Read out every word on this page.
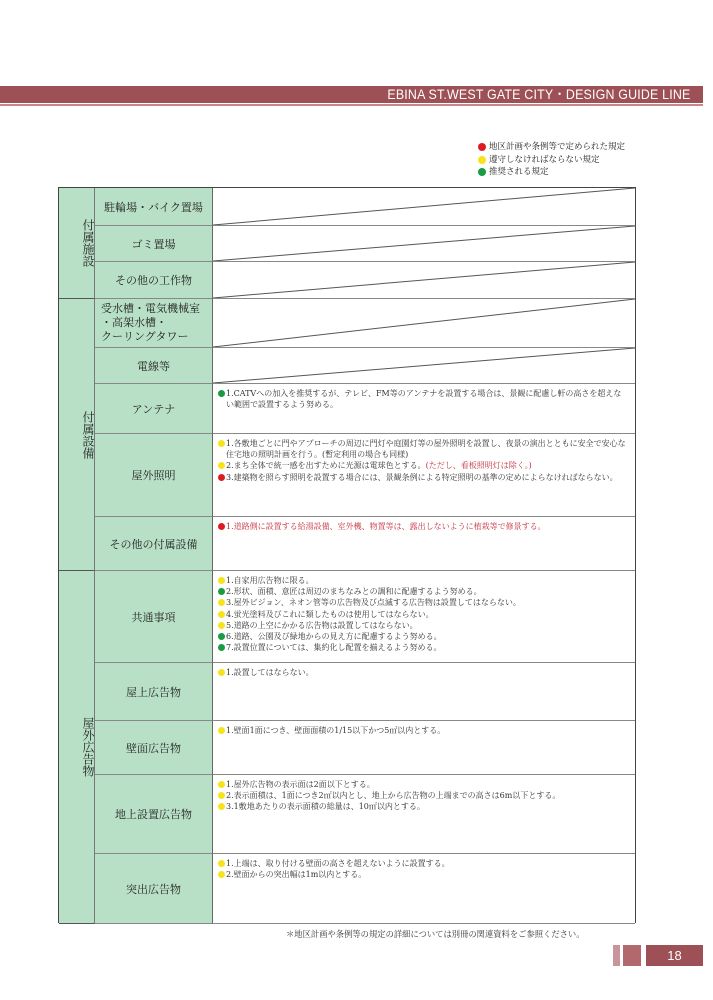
EBINA ST.WEST GATE CITY・DESIGN GUIDE LINE
地区計画や条例等で定められた規定
遵守しなければならない規定
推奨される規定
付属施設
付属設備
屋外広告物
駐輪場・バイク置場
ゴミ置場
その他の工作物
受水槽・電気機械室
・高架水槽・
クーリングタワー
電線等
アンテナ
1.CATVへの加入を推奨するが、テレビ、FM等のアンテナを設置する場合は、景観に配慮し軒の高さを超えない範囲で設置するよう努める。
屋外照明
1.各敷地ごとに門やアプローチの周辺に門灯や庭園灯等の屋外照明を設置し、夜景の演出とともに安全で安心な住宅地の照明計画を行う。(暫定利用の場合も同様)
2.まち全体で統一感を出すために光源は電球色とする。(ただし、看板照明灯は除く。)
3.建築物を照らす照明を設置する場合には、景観条例による特定照明の基準の定めによらなければならない。
その他の付属設備
1.道路側に設置する給湯設備、室外機、物置等は、露出しないように植栽等で修景する。
共通事項
1.自家用広告物に限る。
2.形状、面積、意匠は周辺のまちなみとの調和に配慮するよう努める。
3.屋外ビジョン、ネオン管等の広告物及び点滅する広告物は設置してはならない。
4.蛍光塗料及びこれに類したものは使用してはならない。
5.道路の上空にかかる広告物は設置してはならない。
6.道路、公園及び緑地からの見え方に配慮するよう努める。
7.設置位置については、集約化し配置を揃えるよう努める。
屋上広告物
1.設置してはならない。
壁面広告物
1.壁面1面につき、壁面面積の1/15以下かつ5㎡以内とする。
地上設置広告物
1.屋外広告物の表示面は2面以下とする。
2.表示面積は、1面につき2㎡以内とし、地上から広告物の上端までの高さは6m以下とする。
3.1敷地あたりの表示面積の総量は、10㎡以内とする。
突出広告物
1.上端は、取り付ける壁面の高さを超えないように設置する。
2.壁面からの突出幅は1m以内とする。
＊地区計画や条例等の規定の詳細については別冊の関連資料をご参照ください。
18
